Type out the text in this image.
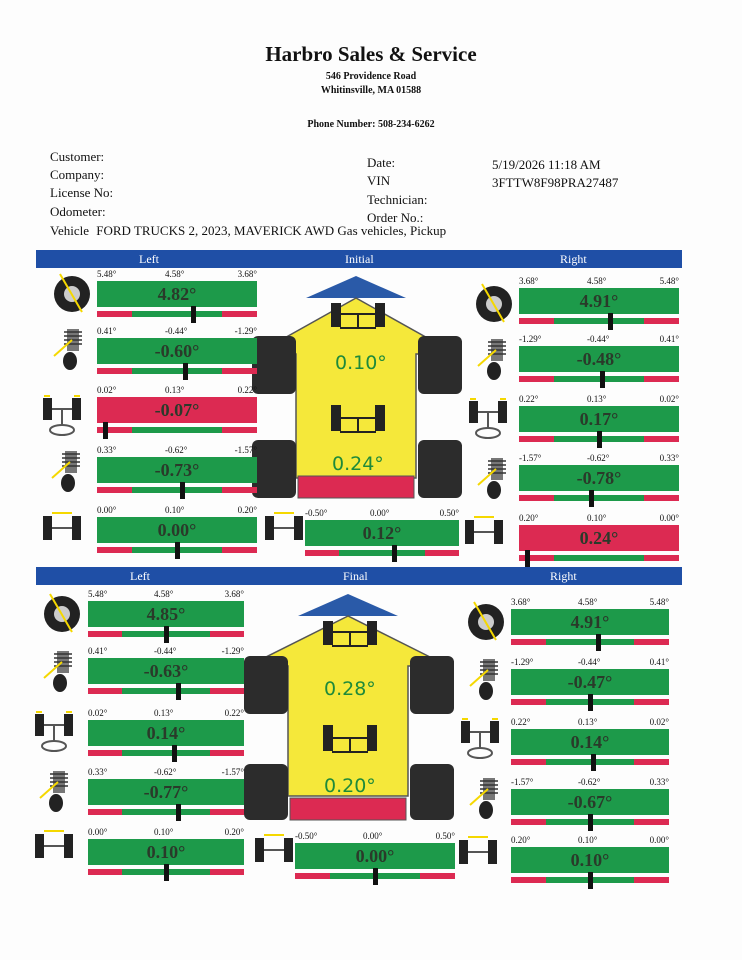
Harbro Sales & Service
546 Providence Road
Whitinsville, MA 01588
Phone Number: 508-234-6262
Customer:
Company:
License No:
Odometer:
Vehicle FORD TRUCKS 2, 2023, MAVERICK AWD Gas vehicles, Pickup
Date:
VIN
Technician:
Order No.:
5/19/2026 11:18 AM
3FTTW8F98PRA27487
Left	Initial	Right
Left	Final	Right
0.10°
0.24°
0.28°
0.20°
5.48°	4.58°	3.68°
4.82°
0.41°	-0.44°	-1.29°
-0.60°
0.02°	0.13°	0.22°
-0.07°
0.33°	-0.62°	-1.57°
-0.73°
0.00°	0.10°	0.20°
0.00°
3.68°	4.58°	5.48°
4.91°
-1.29°	-0.44°	0.41°
-0.48°
0.22°	0.13°	0.02°
0.17°
-1.57°	-0.62°	0.33°
-0.78°
0.20°	0.10°	0.00°
0.24°
-0.50°	0.00°	0.50°
0.12°
5.48°	4.58°	3.68°
4.85°
0.41°	-0.44°	-1.29°
-0.63°
0.02°	0.13°	0.22°
0.14°
0.33°	-0.62°	-1.57°
-0.77°
0.00°	0.10°	0.20°
0.10°
3.68°	4.58°	5.48°
4.91°
-1.29°	-0.44°	0.41°
-0.47°
0.22°	0.13°	0.02°
0.14°
-1.57°	-0.62°	0.33°
-0.67°
0.20°	0.10°	0.00°
0.10°
-0.50°	0.00°	0.50°
0.00°
